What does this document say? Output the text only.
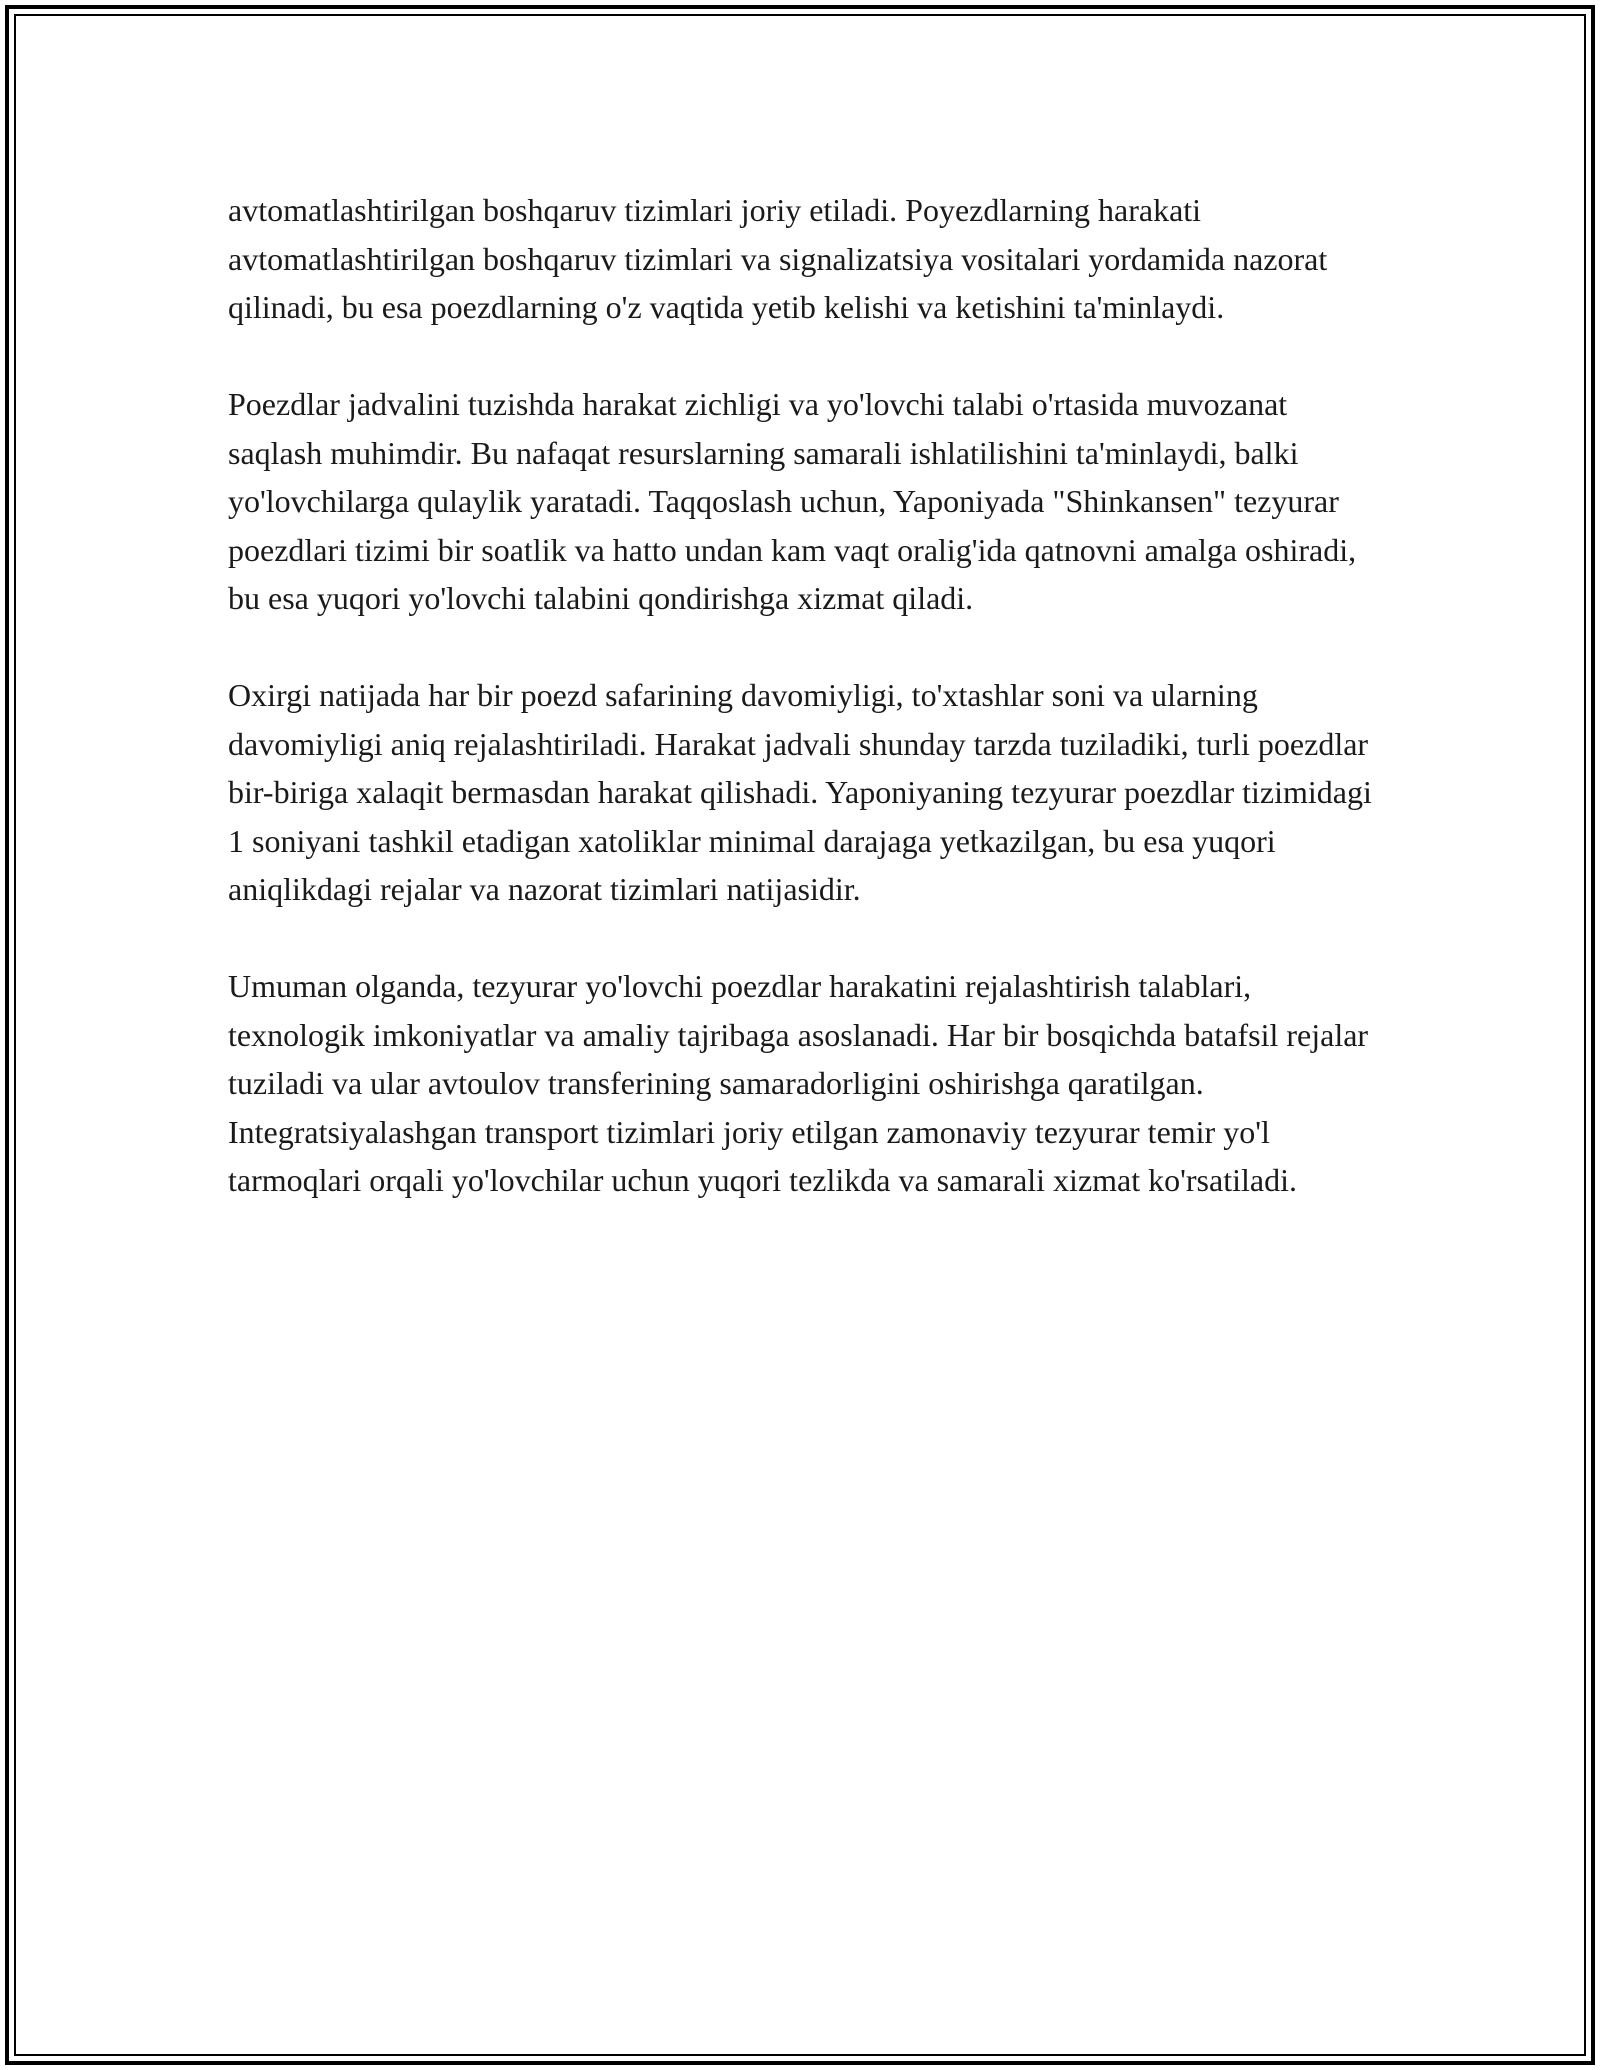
avtomatlashtirilgan boshqaruv tizimlari joriy etiladi. Poyezdlarning harakati avtomatlashtirilgan boshqaruv tizimlari va signalizatsiya vositalari yordamida nazorat qilinadi, bu esa poezdlarning o'z vaqtida yetib kelishi va ketishini ta'minlaydi.

Poezdlar jadvalini tuzishda harakat zichligi va yo'lovchi talabi o'rtasida muvozanat saqlash muhimdir. Bu nafaqat resurslarning samarali ishlatilishini ta'minlaydi, balki yo'lovchilarga qulaylik yaratadi. Taqqoslash uchun, Yaponiyada "Shinkansen" tezyurar poezdlari tizimi bir soatlik va hatto undan kam vaqt oralig'ida qatnovni amalga oshiradi, bu esa yuqori yo'lovchi talabini qondirishga xizmat qiladi.

Oxirgi natijada har bir poezd safarining davomiyligi, to'xtashlar soni va ularning davomiyligi aniq rejalashtiriladi. Harakat jadvali shunday tarzda tuziladiki, turli poezdlar bir-biriga xalaqit bermasdan harakat qilishadi. Yaponiyaning tezyurar poezdlar tizimidagi 1 soniyani tashkil etadigan xatoliklar minimal darajaga yetkazilgan, bu esa yuqori aniqlikdagi rejalar va nazorat tizimlari natijasidir.

Umuman olganda, tezyurar yo'lovchi poezdlar harakatini rejalashtirish talablari, texnologik imkoniyatlar va amaliy tajribaga asoslanadi. Har bir bosqichda batafsil rejalar tuziladi va ular avtoulov transferining samaradorligini oshirishga qaratilgan. Integratsiyalashgan transport tizimlari joriy etilgan zamonaviy tezyurar temir yo'l tarmoqlari orqali yo'lovchilar uchun yuqori tezlikda va samarali xizmat ko'rsatiladi.
